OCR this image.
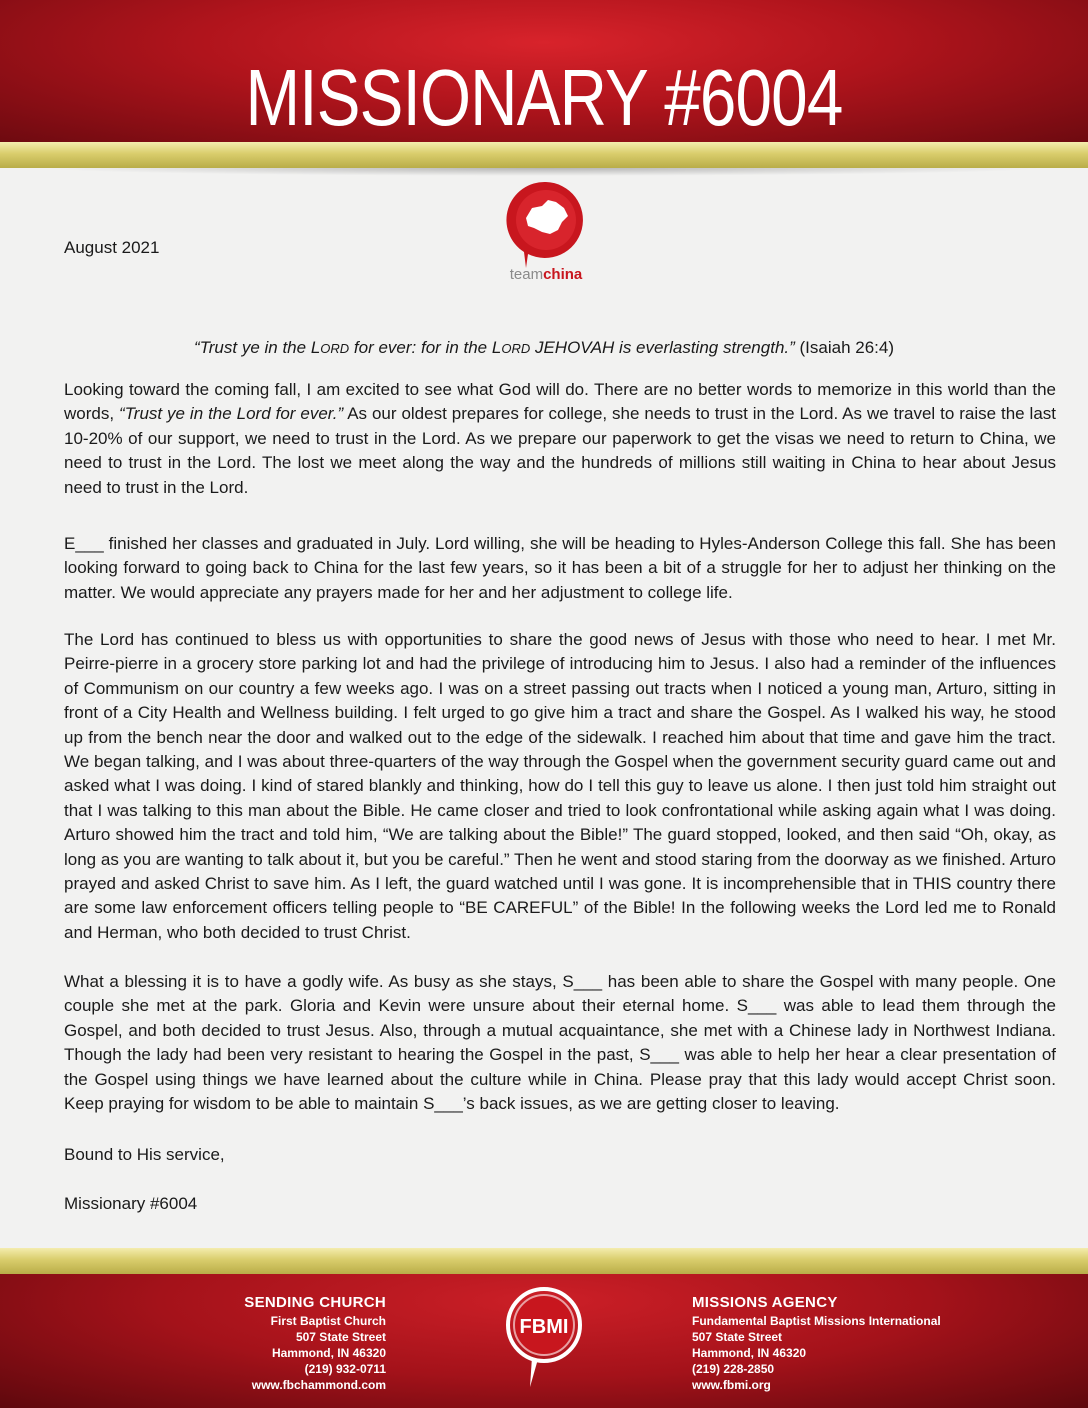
MISSIONARY #6004
August 2021
teamchina
“Trust ye in the LORD for ever: for in the LORD JEHOVAH is everlasting strength.” (Isaiah 26:4)

Looking toward the coming fall, I am excited to see what God will do. There are no better words to memorize in this world than the words, “Trust ye in the Lord for ever.” As our oldest prepares for college, she needs to trust in the Lord. As we travel to raise the last 10-20% of our support, we need to trust in the Lord. As we prepare our paperwork to get the visas we need to return to China, we need to trust in the Lord. The lost we meet along the way and the hundreds of millions still waiting in China to hear about Jesus need to trust in the Lord.

E___ finished her classes and graduated in July. Lord willing, she will be heading to Hyles-Anderson College this fall. She has been looking forward to going back to China for the last few years, so it has been a bit of a struggle for her to adjust her thinking on the matter. We would appreciate any prayers made for her and her adjustment to college life.

The Lord has continued to bless us with opportunities to share the good news of Jesus with those who need to hear. I met Mr. Peirre-pierre in a grocery store parking lot and had the privilege of introducing him to Jesus. I also had a reminder of the influences of Communism on our country a few weeks ago. I was on a street passing out tracts when I noticed a young man, Arturo, sitting in front of a City Health and Wellness building. I felt urged to go give him a tract and share the Gospel. As I walked his way, he stood up from the bench near the door and walked out to the edge of the sidewalk. I reached him about that time and gave him the tract. We began talking, and I was about three-quarters of the way through the Gospel when the government security guard came out and asked what I was doing. I kind of stared blankly and thinking, how do I tell this guy to leave us alone. I then just told him straight out that I was talking to this man about the Bible. He came closer and tried to look confrontational while asking again what I was doing. Arturo showed him the tract and told him, “We are talking about the Bible!” The guard stopped, looked, and then said “Oh, okay, as long as you are wanting to talk about it, but you be careful.” Then he went and stood staring from the doorway as we finished. Arturo prayed and asked Christ to save him. As I left, the guard watched until I was gone. It is incomprehensible that in THIS country there are some law enforcement officers telling people to “BE CAREFUL” of the Bible! In the following weeks the Lord led me to Ronald and Herman, who both decided to trust Christ.

What a blessing it is to have a godly wife. As busy as she stays, S___ has been able to share the Gospel with many people. One couple she met at the park. Gloria and Kevin were unsure about their eternal home. S___ was able to lead them through the Gospel, and both decided to trust Jesus. Also, through a mutual acquaintance, she met with a Chinese lady in Northwest Indiana. Though the lady had been very resistant to hearing the Gospel in the past, S___ was able to help her hear a clear presentation of the Gospel using things we have learned about the culture while in China. Please pray that this lady would accept Christ soon. Keep praying for wisdom to be able to maintain S___’s back issues, as we are getting closer to leaving.

Bound to His service,
Missionary #6004
SENDING CHURCH
First Baptist Church
507 State Street
Hammond, IN 46320
(219) 932-0711
www.fbchammond.com
FBMI
MISSIONS AGENCY
Fundamental Baptist Missions International
507 State Street
Hammond, IN 46320
(219) 228-2850
www.fbmi.org
